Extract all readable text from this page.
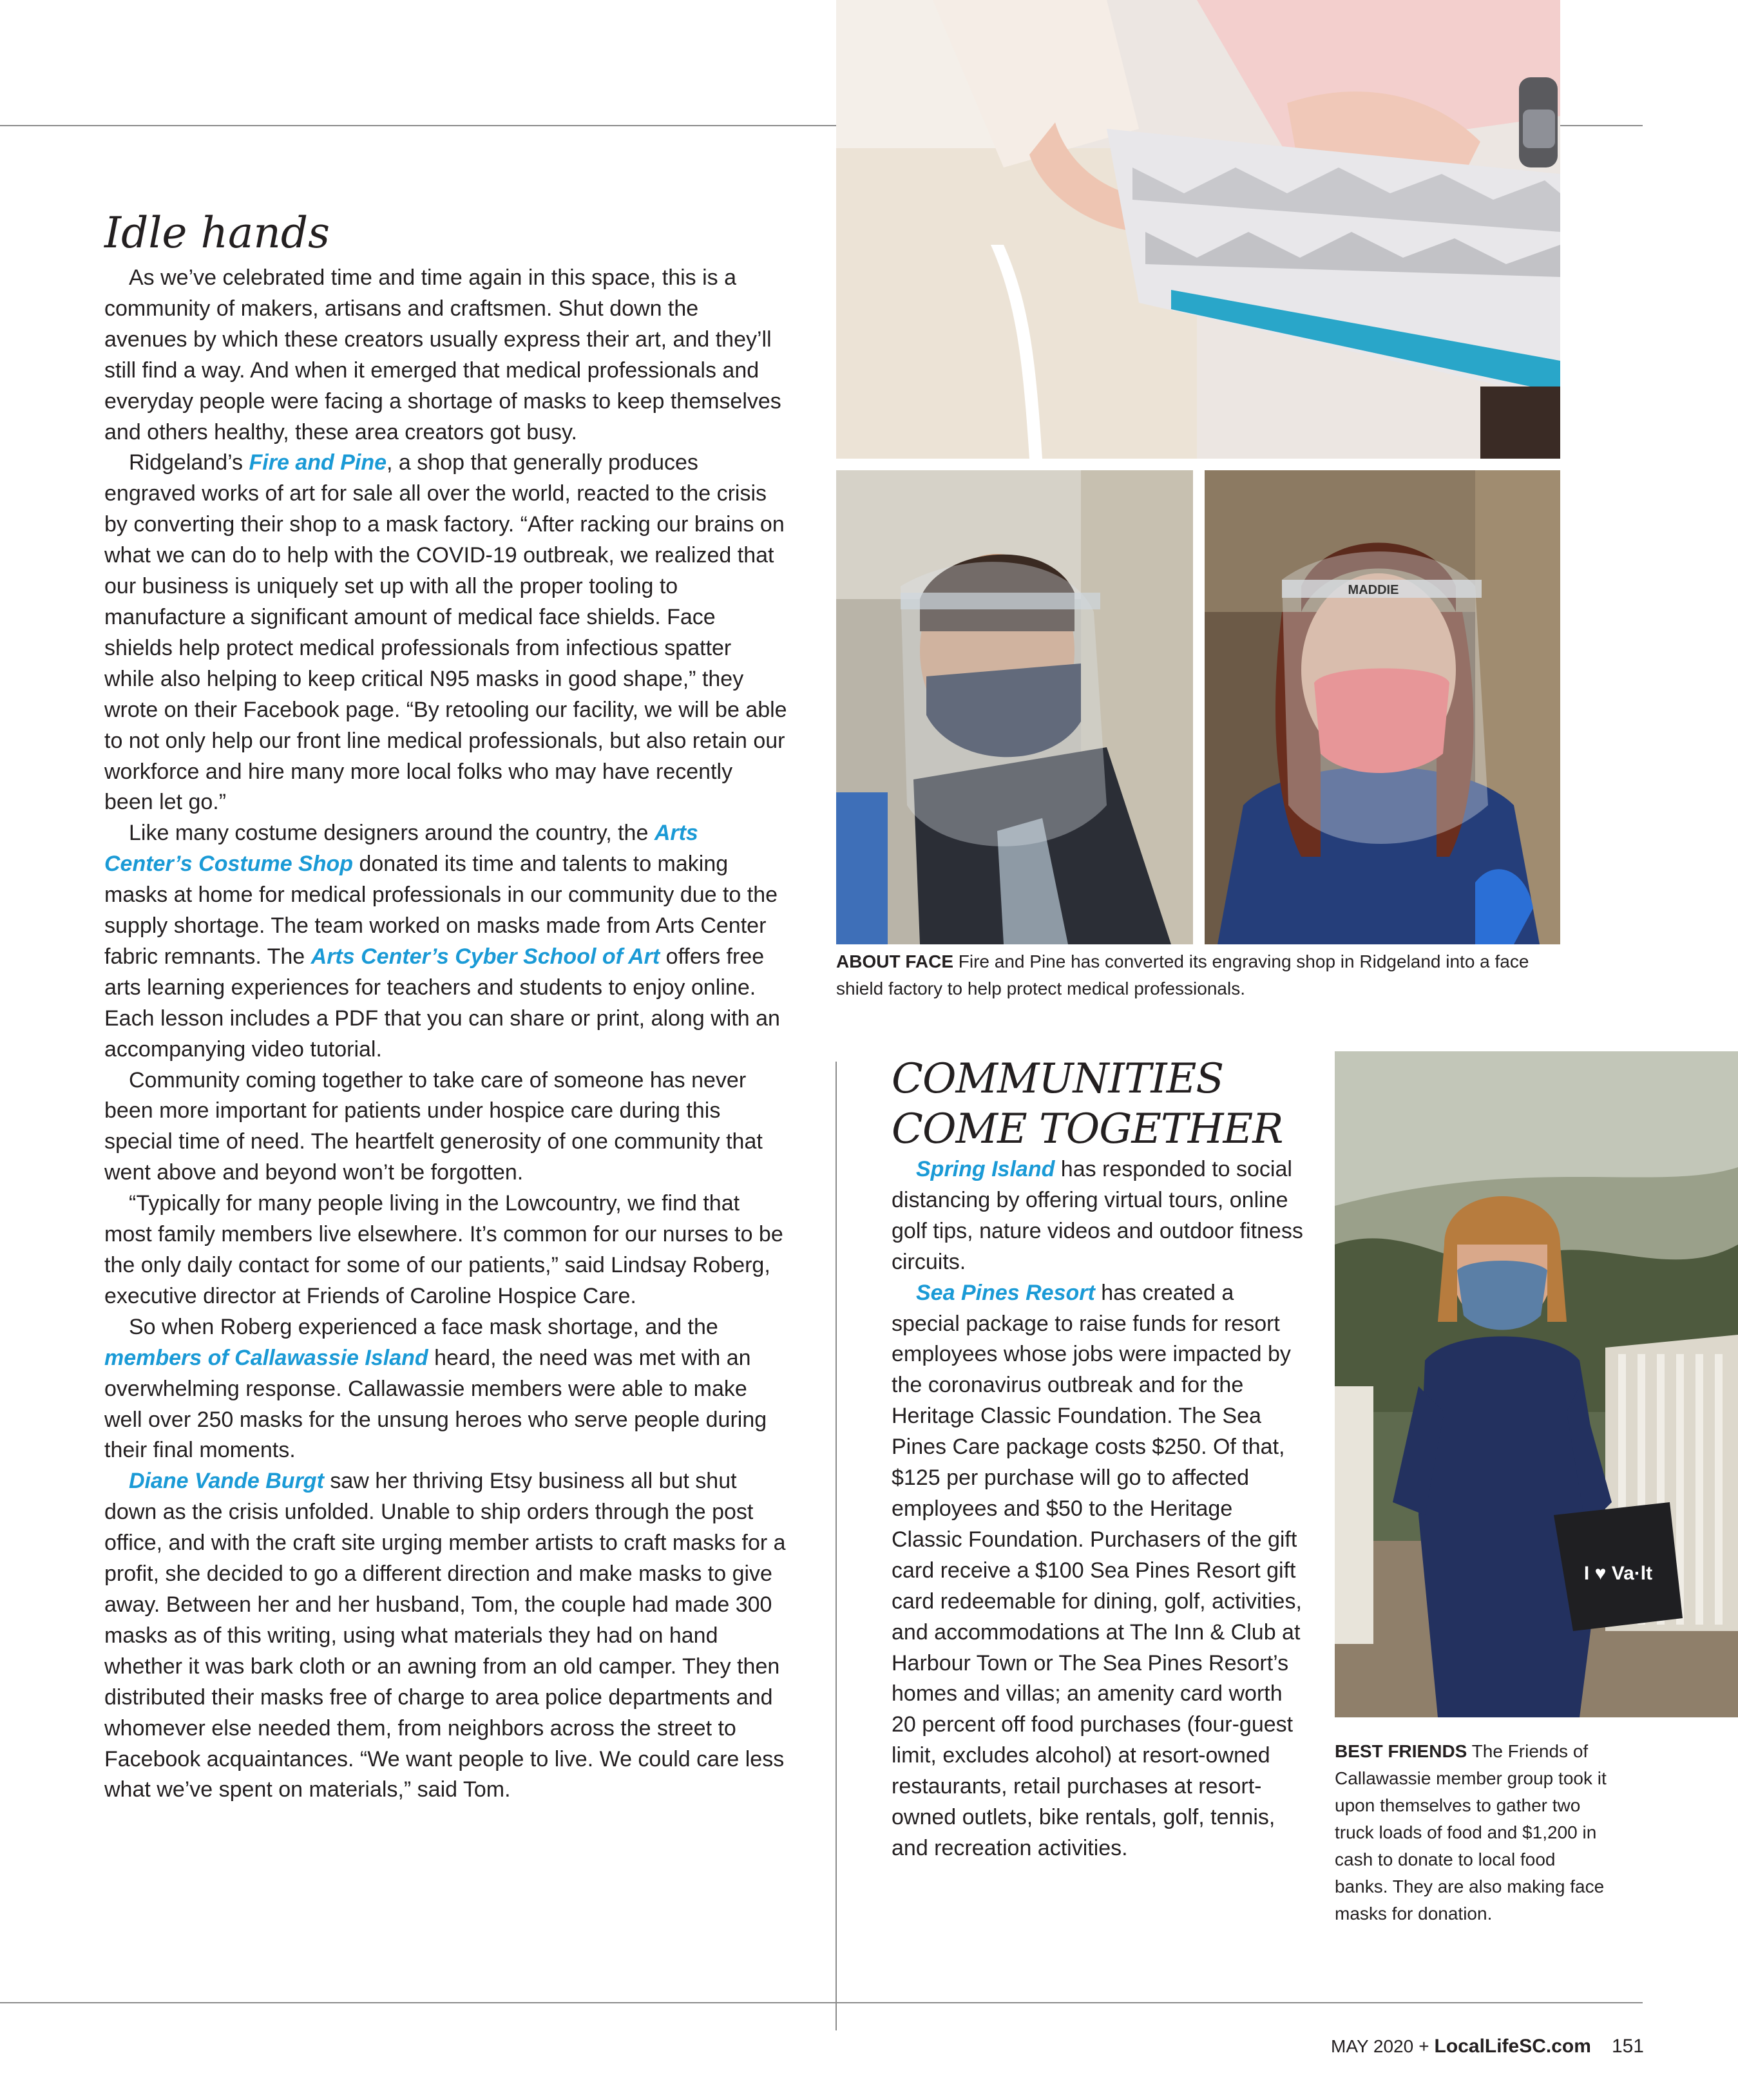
MADDIE
I ♥ Va·lt
Idle hands

As we’ve celebrated time and time again in this space, this is a community of makers, artisans and craftsmen. Shut down the avenues by which these creators usually express their art, and they’ll still find a way. And when it emerged that medical professionals and everyday people were facing a shortage of masks to keep themselves and others healthy, these area creators got busy.

Ridgeland’s Fire and Pine, a shop that generally produces engraved works of art for sale all over the world, reacted to the crisis by converting their shop to a mask factory. “After racking our brains on what we can do to help with the COVID-19 outbreak, we realized that our business is uniquely set up with all the proper tooling to manufacture a significant amount of medical face shields. Face shields help protect medical professionals from infectious spatter while also helping to keep critical N95 masks in good shape,” they wrote on their Facebook page. “By retooling our facility, we will be able to not only help our front line medical professionals, but also retain our workforce and hire many more local folks who may have recently been let go.”

Like many costume designers around the country, the Arts Center’s Costume Shop donated its time and talents to making masks at home for medical professionals in our community due to the supply shortage. The team worked on masks made from Arts Center fabric remnants. The Arts Center’s Cyber School of Art offers free arts learning experiences for teachers and students to enjoy online. Each lesson includes a PDF that you can share or print, along with an accompanying video tutorial.

Community coming together to take care of someone has never been more important for patients under hospice care during this special time of need. The heartfelt generosity of one community that went above and beyond won’t be forgotten.

“Typically for many people living in the Lowcountry, we find that most family members live elsewhere. It’s common for our nurses to be the only daily contact for some of our patients,” said Lindsay Roberg, executive director at Friends of Caroline Hospice Care.

So when Roberg experienced a face mask shortage, and the members of Callawassie Island heard, the need was met with an overwhelming response. Callawassie members were able to make well over 250 masks for the unsung heroes who serve people during their final moments.

Diane Vande Burgt saw her thriving Etsy business all but shut down as the crisis unfolded. Unable to ship orders through the post office, and with the craft site urging member artists to craft masks for a profit, she decided to go a different direction and make masks to give away. Between her and her husband, Tom, the couple had made 300 masks as of this writing, using what materials they had on hand whether it was bark cloth or an awning from an old camper. They then distributed their masks free of charge to area police departments and whomever else needed them, from neighbors across the street to Facebook acquaintances. “We want people to live. We could care less what we’ve spent on materials,” said Tom.

ABOUT FACE Fire and Pine has converted its engraving shop in Ridgeland into a face shield factory to help protect medical professionals.
BEST FRIENDS The Friends of Callawassie member group took it upon themselves to gather two truck loads of food and $1,200 in cash to donate to local food banks. They are also making face masks for donation.
COMMUNITIES
COME TOGETHER

Spring Island has responded to social distancing by offering virtual tours, online golf tips, nature videos and outdoor fitness circuits.

Sea Pines Resort has created a special package to raise funds for resort employees whose jobs were impacted by the coronavirus outbreak and for the Heritage Classic Foundation. The Sea Pines Care package costs $250. Of that, $125 per purchase will go to affected employees and $50 to the Heritage Classic Foundation. Purchasers of the gift card receive a $100 Sea Pines Resort gift card redeemable for dining, golf, activities, and accommodations at The Inn & Club at Harbour Town or The Sea Pines Resort’s homes and villas; an amenity card worth 20 percent off food purchases (four-guest limit, excludes alcohol) at resort-owned restaurants, retail purchases at resort-owned outlets, bike rentals, golf, tennis, and recreation activities.

MAY 2020 + LocalLifeSC.com 151
